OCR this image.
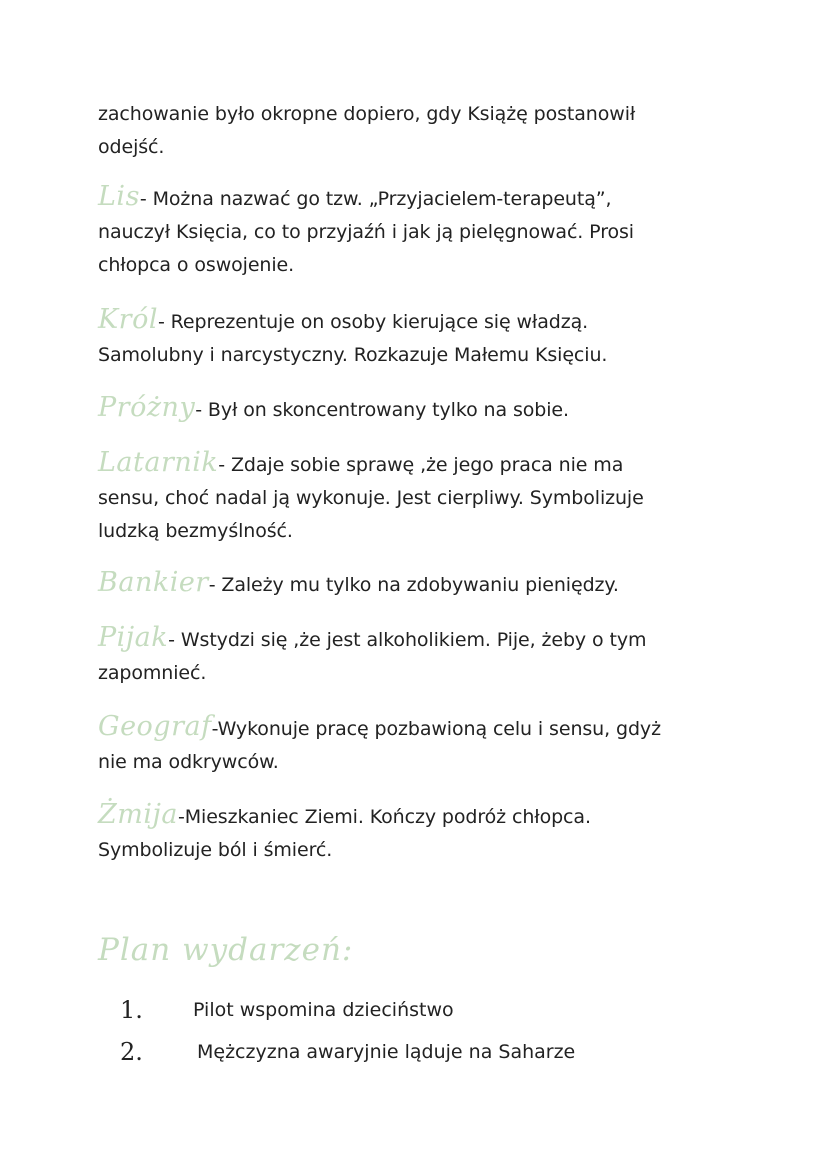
zachowanie było okropne dopiero, gdy Książę postanowił
odejść.
Lis- Można nazwać go tzw. „Przyjacielem-terapeutą”,
nauczył Księcia, co to przyjaźń i jak ją pielęgnować. Prosi
chłopca o oswojenie.
Król- Reprezentuje on osoby kierujące się władzą.
Samolubny i narcystyczny. Rozkazuje Małemu Księciu.
Próżny- Był on skoncentrowany tylko na sobie.
Latarnik- Zdaje sobie sprawę ,że jego praca nie ma
sensu, choć nadal ją wykonuje. Jest cierpliwy. Symbolizuje
ludzką bezmyślność.
Bankier- Zależy mu tylko na zdobywaniu pieniędzy.
Pijak- Wstydzi się ,że jest alkoholikiem. Pije, żeby o tym
zapomnieć.
Geograf-Wykonuje pracę pozbawioną celu i sensu, gdyż
nie ma odkrywców.
Żmija-Mieszkaniec Ziemi. Kończy podróż chłopca.
Symbolizuje ból i śmierć.
Plan wydarzeń:
1.	Pilot wspomina dzieciństwo
2.	Mężczyzna awaryjnie ląduje na Saharze
